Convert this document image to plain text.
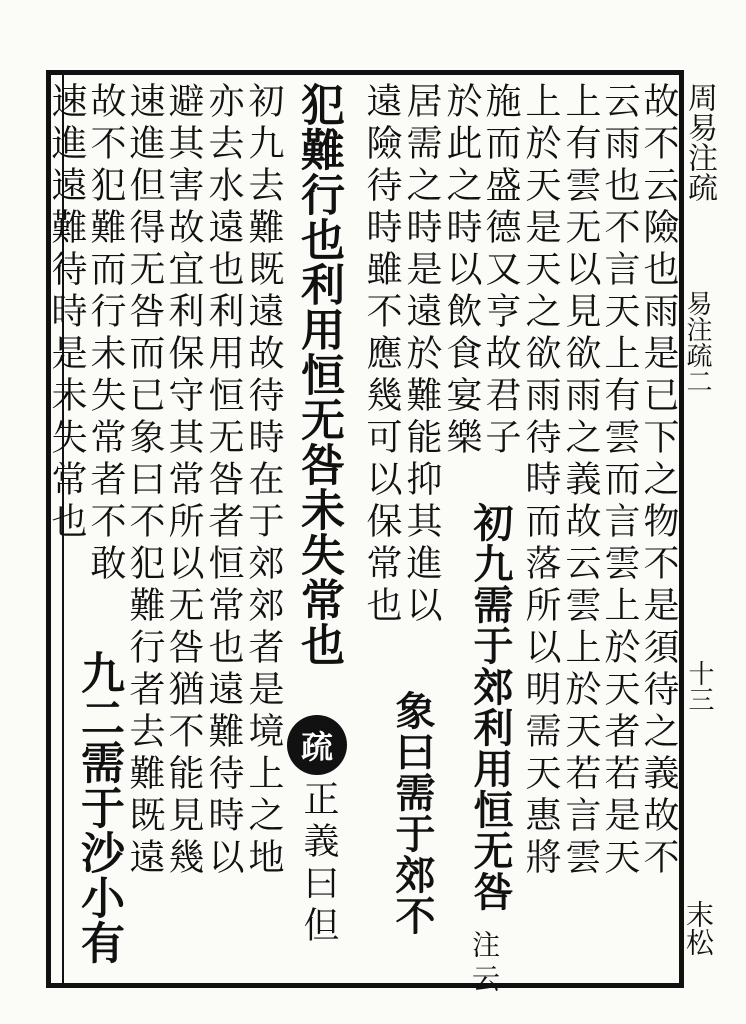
周易注疏
易注疏二
十三
末松
故不云險也雨是已下之物不是須待之義故不
云雨也不言天上有雲而言雲上於天者若是天
上有雲无以見欲雨之義故云雲上於天若言雲
上於天是天之欲雨待時而落所以明需天惠將
施而盛德又亨故君子
初九需于郊利用恒无咎
於此之時以飲食宴樂
居需之時是遠於難能抑其進以
象曰需于郊不
遠險待時雖不應幾可以保常也
犯難行也利用恒无咎未失常也
疏
正義曰但
初九去難既遠故待時在于郊郊者是境上之地
亦去水遠也利用恒无咎者恒常也遠難待時以
避其害故宜利保守其常所以无咎猶不能見幾
速進但得无咎而已象曰不犯難行者去難既遠
故不犯難而行未失常者不敢
九二需于沙小有
速進遠難待時是未失常也
注云
